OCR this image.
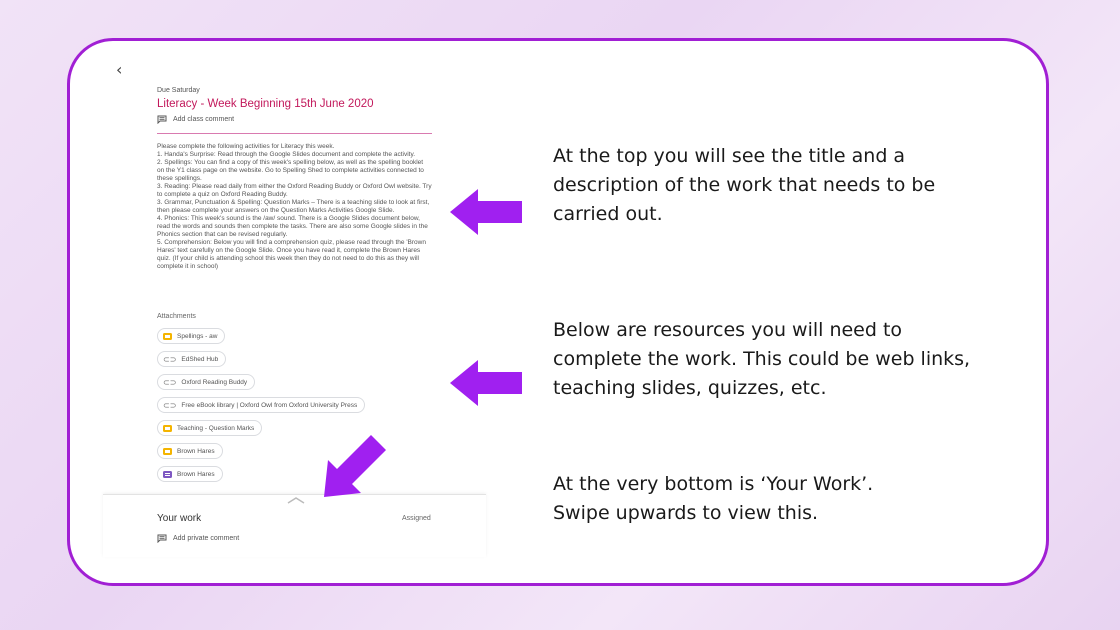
‹
Due Saturday
Literacy - Week Beginning 15th June 2020
Add class comment
Please complete the following activities for Literacy this week.
1. Handa's Surprise: Read through the Google Slides document and complete the activity.
2. Spellings: You can find a copy of this week's spelling below, as well as the spelling booklet on the Y1 class page on the website. Go to Spelling Shed to complete activities connected to these spellings.
3. Reading: Please read daily from either the Oxford Reading Buddy or Oxford Owl website. Try to complete a quiz on Oxford Reading Buddy.
3. Grammar, Punctuation & Spelling: Question Marks – There is a teaching slide to look at first, then please complete your answers on the Question Marks Activities Google Slide.
4. Phonics: This week's sound is the /aw/ sound. There is a Google Slides document below, read the words and sounds then complete the tasks. There are also some Google slides in the Phonics section that can be revised regularly.
5. Comprehension: Below you will find a comprehension quiz, please read through the 'Brown Hares' text carefully on the Google Slide. Once you have read it, complete the Brown Hares quiz. (If your child is attending school this week then they do not need to do this as they will complete it in school)
Attachments
Spellings - aw
⊂⊃ EdShed Hub
⊂⊃ Oxford Reading Buddy
⊂⊃ Free eBook library | Oxford Owl from Oxford University Press
Teaching - Question Marks
Brown Hares
Brown Hares
Your work	Assigned
Add private comment
At the top you will see the title and a description of the work that needs to be carried out.
Below are resources you will need to complete the work. This could be web links, teaching slides, quizzes, etc.
At the very bottom is ‘Your Work’.
Swipe upwards to view this.
